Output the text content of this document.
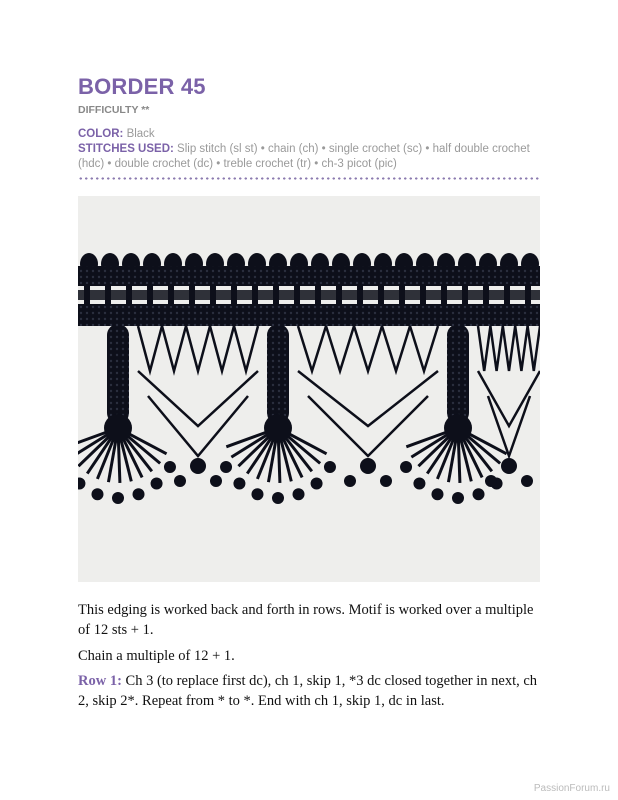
BORDER 45
DIFFICULTY **
COLOR: Black
STITCHES USED: Slip stitch (sl st) • chain (ch) • single crochet (sc) • half double crochet (hdc) • double crochet (dc) • treble crochet (tr) • ch-3 picot (pic)

This edging is worked back and forth in rows. Motif is worked over a multiple of 12 sts + 1.

Chain a multiple of 12 + 1.

Row 1: Ch 3 (to replace first dc), ch 1, skip 1, *3 dc closed together in next, ch 2, skip 2*. Repeat from * to *. End with ch 1, skip 1, dc in last.

PassionForum.ru
